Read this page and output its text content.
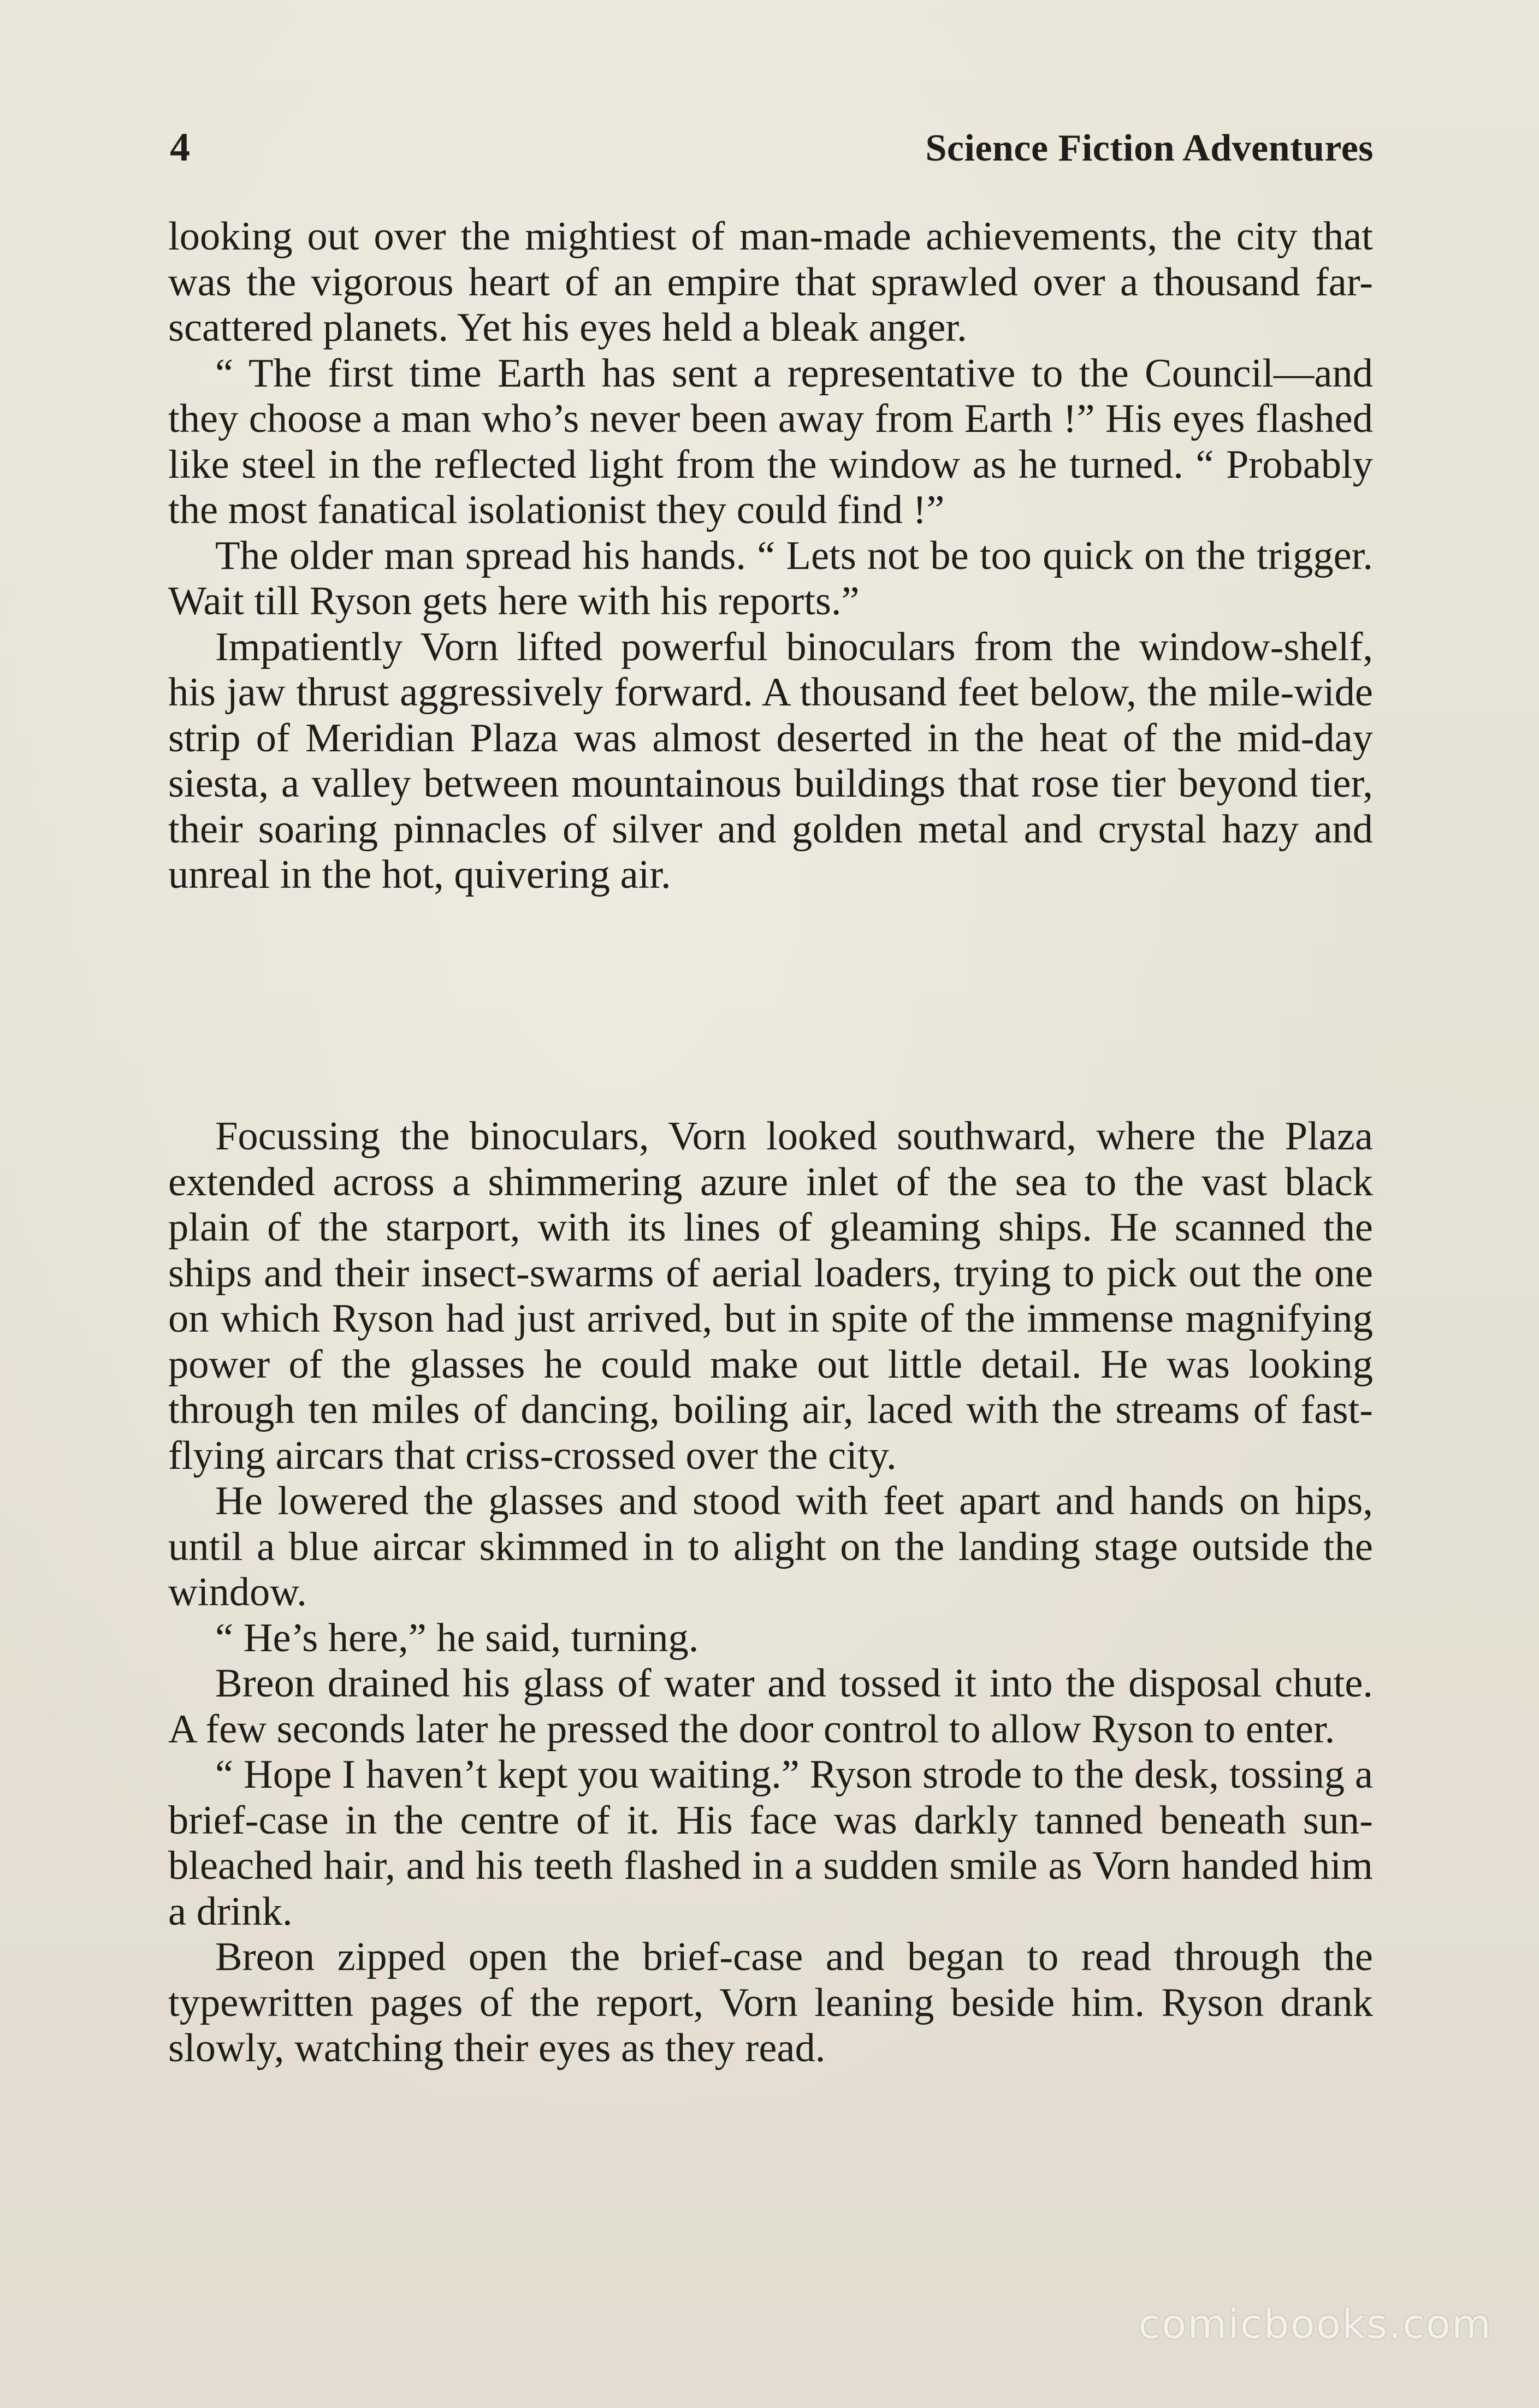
4	Science Fiction Adventures

looking out over the mightiest of man-made achievements, the city that was the vigorous heart of an empire that sprawled over a thousand far-scattered planets. Yet his eyes held a bleak anger.

“ The first time Earth has sent a representative to the Council—and they choose a man who’s never been away from Earth !” His eyes flashed like steel in the reflected light from the window as he turned. “ Probably the most fanatical isolationist they could find !”

The older man spread his hands. “ Lets not be too quick on the trigger. Wait till Ryson gets here with his reports.”

Impatiently Vorn lifted powerful binoculars from the window-shelf, his jaw thrust aggressively forward. A thousand feet below, the mile-wide strip of Meridian Plaza was almost deserted in the heat of the mid-day siesta, a valley between mountainous buildings that rose tier beyond tier, their soaring pinnacles of silver and golden metal and crystal hazy and unreal in the hot, quivering air.

Focussing the binoculars, Vorn looked southward, where the Plaza extended across a shimmering azure inlet of the sea to the vast black plain of the starport, with its lines of gleaming ships. He scanned the ships and their insect-swarms of aerial loaders, trying to pick out the one on which Ryson had just arrived, but in spite of the immense magnifying power of the glasses he could make out little detail. He was looking through ten miles of dancing, boiling air, laced with the streams of fast-flying aircars that criss-crossed over the city.

He lowered the glasses and stood with feet apart and hands on hips, until a blue aircar skimmed in to alight on the landing stage outside the window.

“ He’s here,” he said, turning.

Breon drained his glass of water and tossed it into the disposal chute. A few seconds later he pressed the door control to allow Ryson to enter.

“ Hope I haven’t kept you waiting.” Ryson strode to the desk, tossing a brief-case in the centre of it. His face was darkly tanned beneath sun-bleached hair, and his teeth flashed in a sudden smile as Vorn handed him a drink.

Breon zipped open the brief-case and began to read through the typewritten pages of the report, Vorn leaning beside him. Ryson drank slowly, watching their eyes as they read.

comicbooks.com
